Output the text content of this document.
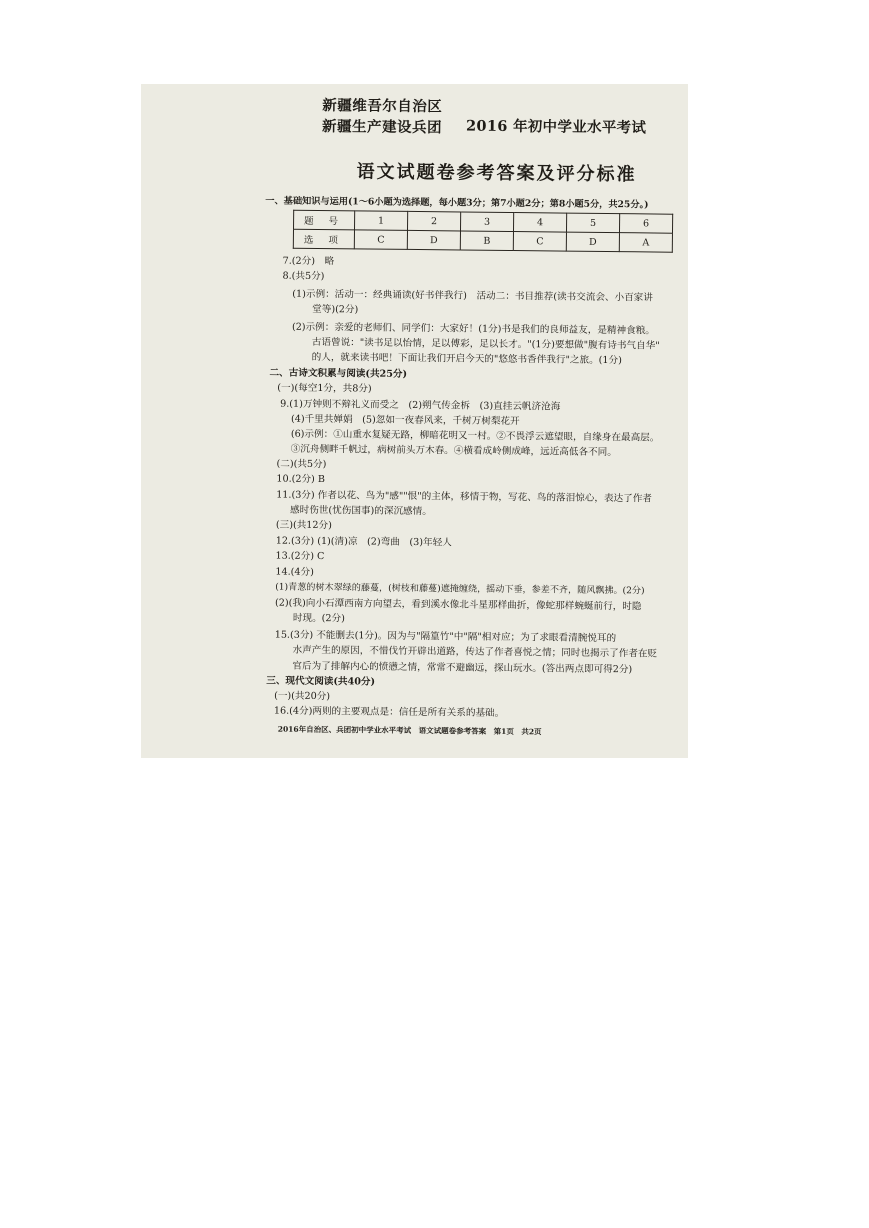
新疆维吾尔自治区
新疆生产建设兵团 2016 年初中学业水平考试
语文试题卷参考答案及评分标准
一、基础知识与运用(1～6小题为选择题，每小题3分；第7小题2分；第8小题5分，共25分。)
题 号	1	2	3	4	5	6
选 项	C	D	B	C	D	A
7.(2分)　略
8.(共5分)
(1)示例：活动一：经典诵读(好书伴我行)　活动二：书目推荐(读书交流会、小百家讲
堂等)(2分)
(2)示例：亲爱的老师们、同学们：大家好！(1分)书是我们的良师益友，是精神食粮。
古语曾说："读书足以怡情，足以傅彩，足以长才。"(1分)要想做"腹有诗书气自华"
的人，就来读书吧！下面让我们开启今天的"悠悠书香伴我行"之旅。(1分)
二、古诗文积累与阅读(共25分)
(一)(每空1分，共8分)
9.(1)万钟则不辩礼义而受之　(2)朔气传金柝　(3)直挂云帆济沧海
(4)千里共婵娟　(5)忽如一夜春风来，千树万树梨花开
(6)示例：①山重水复疑无路，柳暗花明又一村。②不畏浮云遮望眼，自缘身在最高层。
③沉舟侧畔千帆过，病树前头万木春。④横看成岭侧成峰，远近高低各不同。
(二)(共5分)
10.(2分) B
11.(3分) 作者以花、鸟为"感""恨"的主体，移情于物，写花、鸟的落泪惊心，表达了作者
感时伤世(忧伤国事)的深沉感情。
(三)(共12分)
12.(3分) (1)(清)凉　(2)弯曲　(3)年轻人
13.(2分) C
14.(4分)
(1)青葱的树木翠绿的藤蔓，(树枝和藤蔓)遮掩缠绕，摇动下垂，参差不齐，随风飘拂。(2分)
(2)(我)向小石潭西南方向望去，看到溪水像北斗星那样曲折，像蛇那样蜿蜒前行，时隐
时现。(2分)
15.(3分) 不能删去(1分)。因为与"隔篁竹"中"隔"相对应；为了求眼看清腕悦耳的
水声产生的原因，不惜伐竹开辟出道路，传达了作者喜悦之情；同时也揭示了作者在贬
官后为了排解内心的愤懑之情，常常不避幽远，探山玩水。(答出两点即可得2分)
三、现代文阅读(共40分)
(一)(共20分)
16.(4分)两则的主要观点是：信任是所有关系的基础。
2016年自治区、兵团初中学业水平考试　语文试题卷参考答案　第1页　共2页
